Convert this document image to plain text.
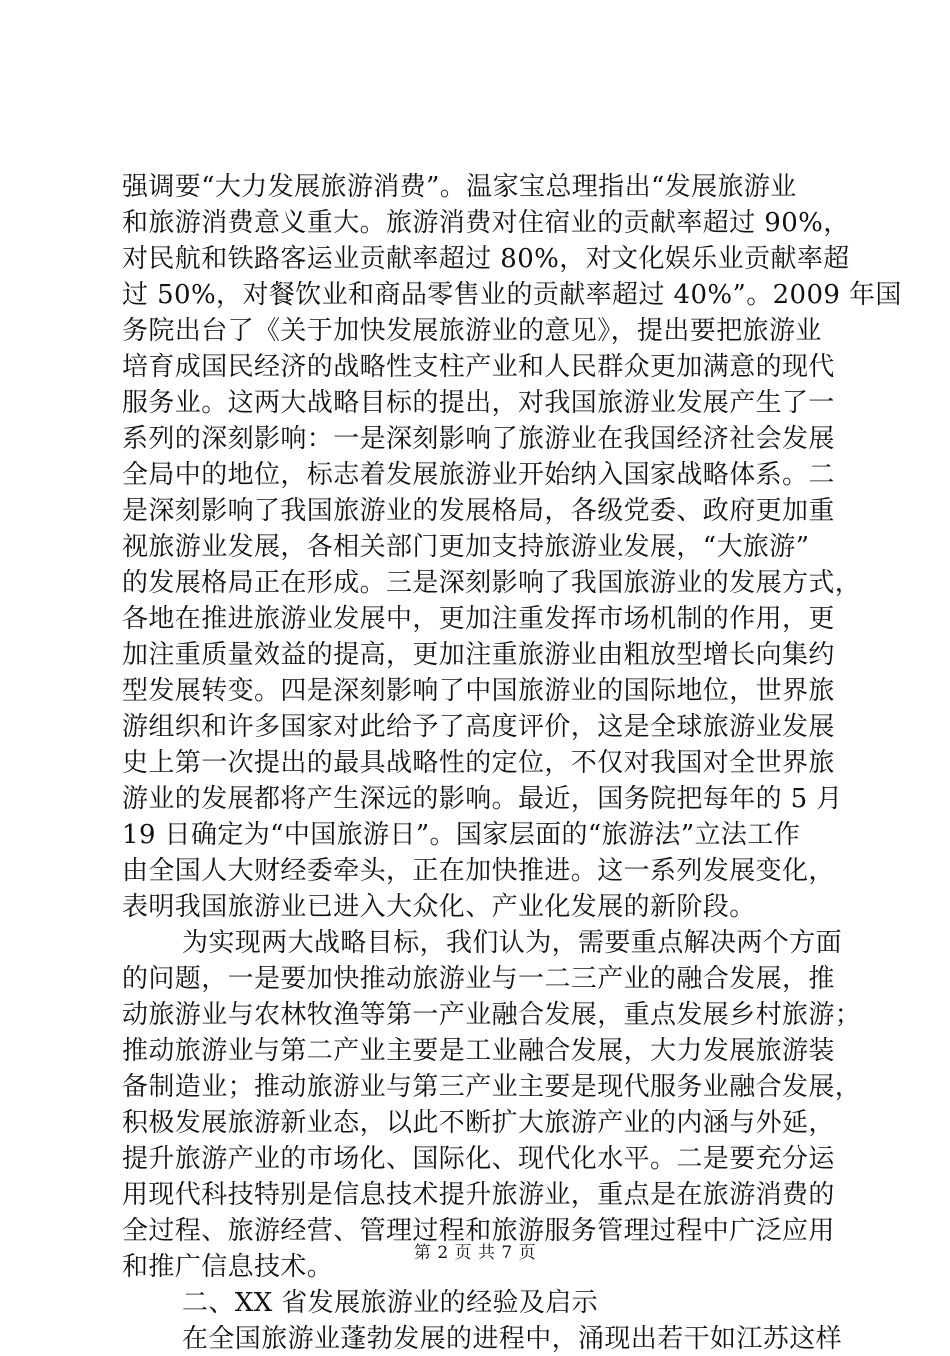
强调要“大力发展旅游消费”。温家宝总理指出“发展旅游业
和旅游消费意义重大。旅游消费对住宿业的贡献率超过 90%，
对民航和铁路客运业贡献率超过 80%，对文化娱乐业贡献率超
过 50%，对餐饮业和商品零售业的贡献率超过 40%”。2009 年国
务院出台了《关于加快发展旅游业的意见》，提出要把旅游业
培育成国民经济的战略性支柱产业和人民群众更加满意的现代
服务业。这两大战略目标的提出，对我国旅游业发展产生了一
系列的深刻影响：一是深刻影响了旅游业在我国经济社会发展
全局中的地位，标志着发展旅游业开始纳入国家战略体系。二
是深刻影响了我国旅游业的发展格局，各级党委、政府更加重
视旅游业发展，各相关部门更加支持旅游业发展，“大旅游”
的发展格局正在形成。三是深刻影响了我国旅游业的发展方式，
各地在推进旅游业发展中，更加注重发挥市场机制的作用，更
加注重质量效益的提高，更加注重旅游业由粗放型增长向集约
型发展转变。四是深刻影响了中国旅游业的国际地位，世界旅
游组织和许多国家对此给予了高度评价，这是全球旅游业发展
史上第一次提出的最具战略性的定位，不仅对我国对全世界旅
游业的发展都将产生深远的影响。最近，国务院把每年的 5 月
19 日确定为“中国旅游日”。国家层面的“旅游法”立法工作
由全国人大财经委牵头，正在加快推进。这一系列发展变化，
表明我国旅游业已进入大众化、产业化发展的新阶段。
为实现两大战略目标，我们认为，需要重点解决两个方面
的问题，一是要加快推动旅游业与一二三产业的融合发展，推
动旅游业与农林牧渔等第一产业融合发展，重点发展乡村旅游；
推动旅游业与第二产业主要是工业融合发展，大力发展旅游装
备制造业；推动旅游业与第三产业主要是现代服务业融合发展，
积极发展旅游新业态，以此不断扩大旅游产业的内涵与外延，
提升旅游产业的市场化、国际化、现代化水平。二是要充分运
用现代科技特别是信息技术提升旅游业，重点是在旅游消费的
全过程、旅游经营、管理过程和旅游服务管理过程中广泛应用
和推广信息技术。
二、XX 省发展旅游业的经验及启示
在全国旅游业蓬勃发展的进程中，涌现出若干如江苏这样
第 2 页 共 7 页
